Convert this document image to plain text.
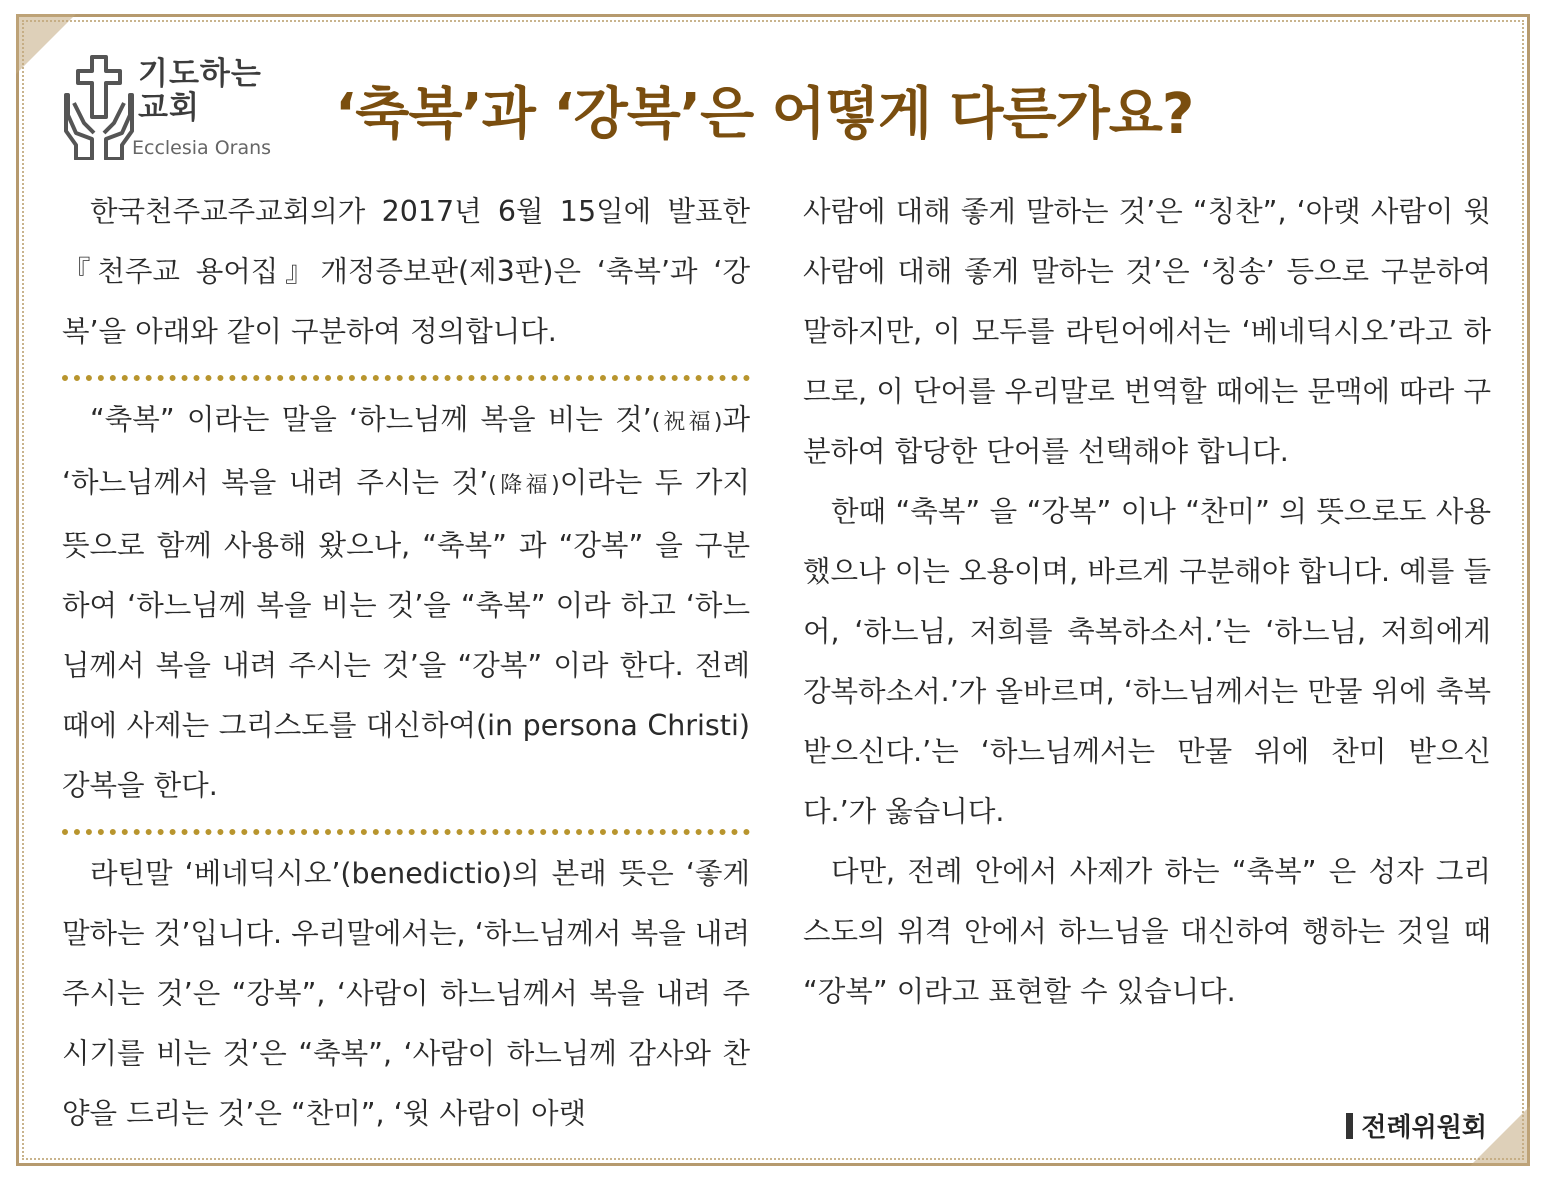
기도하는 교회
Ecclesia Orans
‘축복’과 ‘강복’은 어떻게 다른가요?

한국천주교주교회의가 2017년 6월 15일에 발표한『천주교 용어집』개정증보판(제3판)은 ‘축복’과 ‘강복’을 아래와 같이 구분하여 정의합니다.

“축복” 이라는 말을 ‘하느님께 복을 비는 것’(祝福)과 ‘하느님께서 복을 내려 주시는 것’(降福)이라는 두 가지 뜻으로 함께 사용해 왔으나, “축복” 과 “강복” 을 구분하여 ‘하느님께 복을 비는 것’을 “축복” 이라 하고 ‘하느님께서 복을 내려 주시는 것’을 “강복” 이라 한다. 전례 때에 사제는 그리스도를 대신하여(in persona Christi) 강복을 한다.

라틴말 ‘베네딕시오’(benedictio)의 본래 뜻은 ‘좋게 말하는 것’입니다. 우리말에서는, ‘하느님께서 복을 내려 주시는 것’은 “강복”, ‘사람이 하느님께서 복을 내려 주시기를 비는 것’은 “축복”, ‘사람이 하느님께 감사와 찬양을 드리는 것’은 “찬미”, ‘윗 사람이 아랫

사람에 대해 좋게 말하는 것’은 “칭찬”, ‘아랫 사람이 윗 사람에 대해 좋게 말하는 것’은 ‘칭송’ 등으로 구분하여 말하지만, 이 모두를 라틴어에서는 ‘베네딕시오’라고 하므로, 이 단어를 우리말로 번역할 때에는 문맥에 따라 구분하여 합당한 단어를 선택해야 합니다.

한때 “축복” 을 “강복” 이나 “찬미” 의 뜻으로도 사용했으나 이는 오용이며, 바르게 구분해야 합니다. 예를 들어, ‘하느님, 저희를 축복하소서.’는 ‘하느님, 저희에게 강복하소서.’가 올바르며, ‘하느님께서는 만물 위에 축복 받으신다.’는 ‘하느님께서는 만물 위에 찬미 받으신다.’가 옳습니다.

다만, 전례 안에서 사제가 하는 “축복” 은 성자 그리스도의 위격 안에서 하느님을 대신하여 행하는 것일 때 “강복” 이라고 표현할 수 있습니다.

전례위원회
